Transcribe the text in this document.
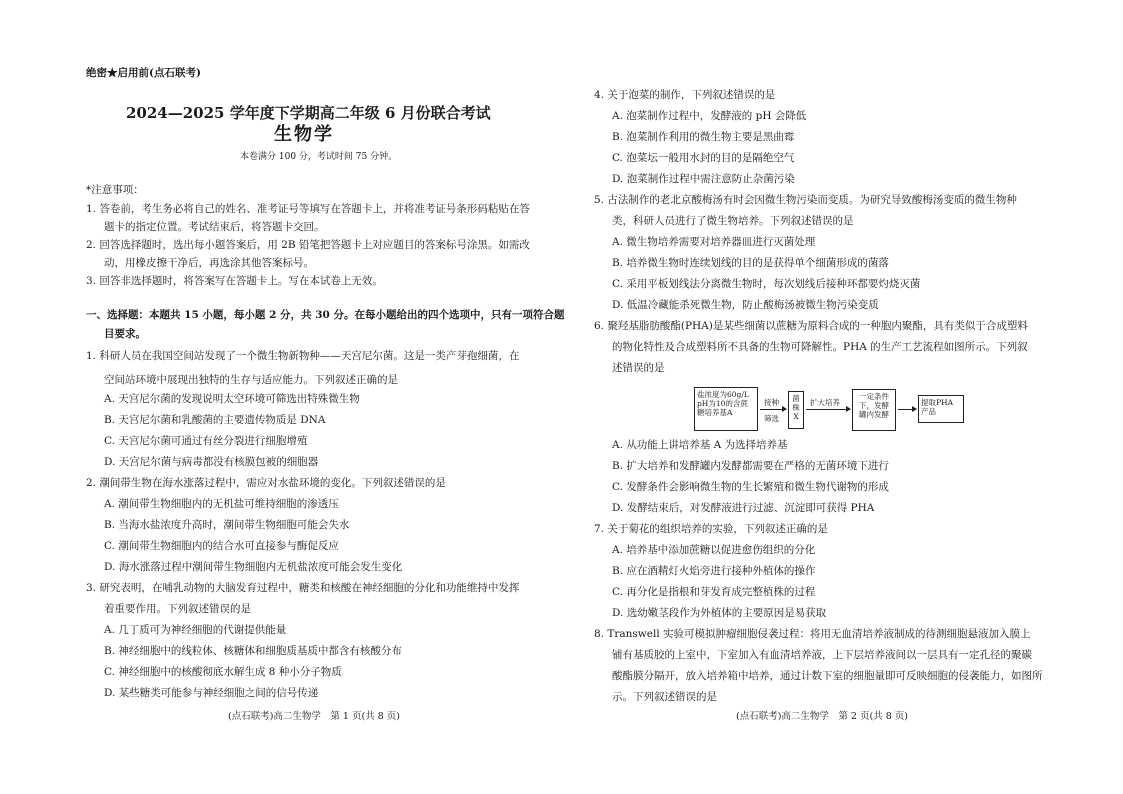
绝密★启用前(点石联考)
2024—2025 学年度下学期高二年级 6 月份联合考试
生物学
本卷满分 100 分，考试时间 75 分钟。
*注意事项：
1. 答卷前，考生务必将自己的姓名、准考证号等填写在答题卡上，并将准考证号条形码粘贴在答
题卡的指定位置。考试结束后，将答题卡交回。
2. 回答选择题时，选出每小题答案后，用 2B 铅笔把答题卡上对应题目的答案标号涂黑。如需改
动，用橡皮擦干净后，再选涂其他答案标号。
3. 回答非选择题时，将答案写在答题卡上。写在本试卷上无效。
一、选择题：本题共 15 小题，每小题 2 分，共 30 分。在每小题给出的四个选项中，只有一项符合题
目要求。
1. 科研人员在我国空间站发现了一个微生物新物种——天宫尼尔菌。这是一类产芽孢细菌，在
空间站环境中展现出独特的生存与适应能力。下列叙述正确的是
A. 天宫尼尔菌的发现说明太空环境可筛选出特殊微生物
B. 天宫尼尔菌和乳酸菌的主要遗传物质是 DNA
C. 天宫尼尔菌可通过有丝分裂进行细胞增殖
D. 天宫尼尔菌与病毒都没有核膜包被的细胞器
2. 潮间带生物在海水涨落过程中，需应对水盐环境的变化。下列叙述错误的是
A. 潮间带生物细胞内的无机盐可维持细胞的渗透压
B. 当海水盐浓度升高时，潮间带生物细胞可能会失水
C. 潮间带生物细胞内的结合水可直接参与酶促反应
D. 海水涨落过程中潮间带生物细胞内无机盐浓度可能会发生变化
3. 研究表明，在哺乳动物的大脑发育过程中，糖类和核酸在神经细胞的分化和功能维持中发挥
着重要作用。下列叙述错误的是
A. 几丁质可为神经细胞的代谢提供能量
B. 神经细胞中的线粒体、核糖体和细胞质基质中都含有核酸分布
C. 神经细胞中的核酸彻底水解生成 8 种小分子物质
D. 某些糖类可能参与神经细胞之间的信号传递
(点石联考)高二生物学　第 1 页(共 8 页)
4. 关于泡菜的制作，下列叙述错误的是
A. 泡菜制作过程中，发酵液的 pH 会降低
B. 泡菜制作利用的微生物主要是黑曲霉
C. 泡菜坛一般用水封的目的是隔绝空气
D. 泡菜制作过程中需注意防止杂菌污染
5. 古法制作的老北京酸梅汤有时会因微生物污染而变质。为研究导致酸梅汤变质的微生物种
类，科研人员进行了微生物培养。下列叙述错误的是
A. 微生物培养需要对培养器皿进行灭菌处理
B. 培养微生物时连续划线的目的是获得单个细菌形成的菌落
C. 采用平板划线法分离微生物时，每次划线后接种环都要灼烧灭菌
D. 低温冷藏能杀死微生物，防止酸梅汤被微生物污染变质
6. 聚羟基脂肪酸酯(PHA)是某些细菌以蔗糖为原料合成的一种胞内聚酯，具有类似于合成塑料
的物化特性及合成塑料所不具备的生物可降解性。PHA 的生产工艺流程如图所示。下列叙
述错误的是
盐浓度为60g/L pH为10的含蔗糖培养基A
接种
筛选
菌株
X
扩大培养
一定条件
下，发酵
罐内发酵
提取PHA 产品
A. 从功能上讲培养基 A 为选择培养基
B. 扩大培养和发酵罐内发酵都需要在严格的无菌环境下进行
C. 发酵条件会影响微生物的生长繁殖和微生物代谢物的形成
D. 发酵结束后，对发酵液进行过滤、沉淀即可获得 PHA
7. 关于菊花的组织培养的实验，下列叙述正确的是
A. 培养基中添加蔗糖以促进愈伤组织的分化
B. 应在酒精灯火焰旁进行接种外植体的操作
C. 再分化是指根和芽发育成完整植株的过程
D. 选幼嫩茎段作为外植体的主要原因是易获取
8. Transwell 实验可模拟肿瘤细胞侵袭过程：将用无血清培养液制成的待测细胞悬液加入膜上
铺有基质胶的上室中，下室加入有血清培养液，上下层培养液间以一层具有一定孔径的聚碳
酸酯膜分隔开，放入培养箱中培养，通过计数下室的细胞量即可反映细胞的侵袭能力，如图所
示。下列叙述错误的是
(点石联考)高二生物学　第 2 页(共 8 页)
